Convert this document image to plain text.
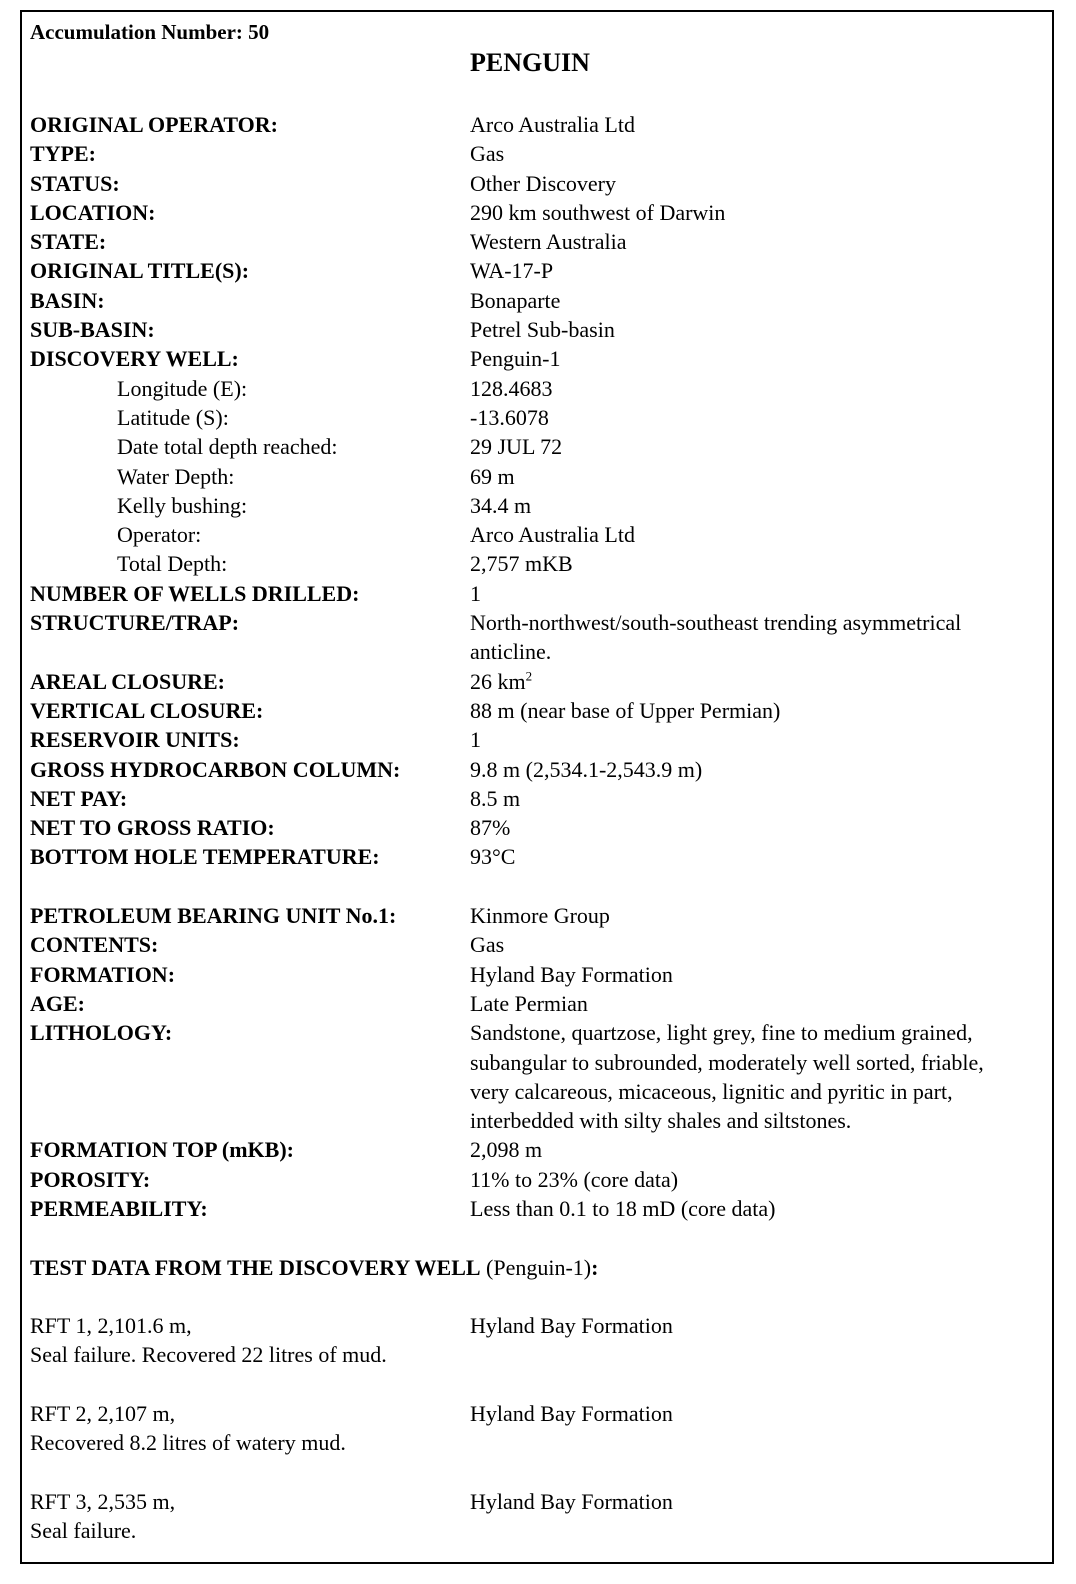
Accumulation Number: 50
PENGUIN
ORIGINAL OPERATOR:	Arco Australia Ltd
TYPE:	Gas
STATUS:	Other Discovery
LOCATION:	290 km southwest of Darwin
STATE:	Western Australia
ORIGINAL TITLE(S):	WA-17-P
BASIN:	Bonaparte
SUB-BASIN:	Petrel Sub-basin
DISCOVERY WELL:	Penguin-1
Longitude (E):	128.4683
Latitude (S):	-13.6078
Date total depth reached:	29 JUL 72
Water Depth:	69 m
Kelly bushing:	34.4 m
Operator:	Arco Australia Ltd
Total Depth:	2,757 mKB
NUMBER OF WELLS DRILLED:	1
STRUCTURE/TRAP:	North-northwest/south-southeast trending asymmetrical
anticline.
AREAL CLOSURE:	26 $km^2$
VERTICAL CLOSURE:	88 m (near base of Upper Permian)
RESERVOIR UNITS:	1
GROSS HYDROCARBON COLUMN:	9.8 m (2,534.1-2,543.9 m)
NET PAY:	8.5 m
NET TO GROSS RATIO:	87%
BOTTOM HOLE TEMPERATURE:	93°C
PETROLEUM BEARING UNIT No.1:	Kinmore Group
CONTENTS:	Gas
FORMATION:	Hyland Bay Formation
AGE:	Late Permian
LITHOLOGY:	Sandstone, quartzose, light grey, fine to medium grained,
subangular to subrounded, moderately well sorted, friable,
very calcareous, micaceous, lignitic and pyritic in part,
interbedded with silty shales and siltstones.
FORMATION TOP (mKB):	2,098 m
POROSITY:	11% to 23% (core data)
PERMEABILITY:	Less than 0.1 to 18 mD (core data)
TEST DATA FROM THE DISCOVERY WELL (Penguin-1):
RFT 1, 2,101.6 m,	Hyland Bay Formation
Seal failure. Recovered 22 litres of mud.
RFT 2, 2,107 m,	Hyland Bay Formation
Recovered 8.2 litres of watery mud.
RFT 3, 2,535 m,	Hyland Bay Formation
Seal failure.
